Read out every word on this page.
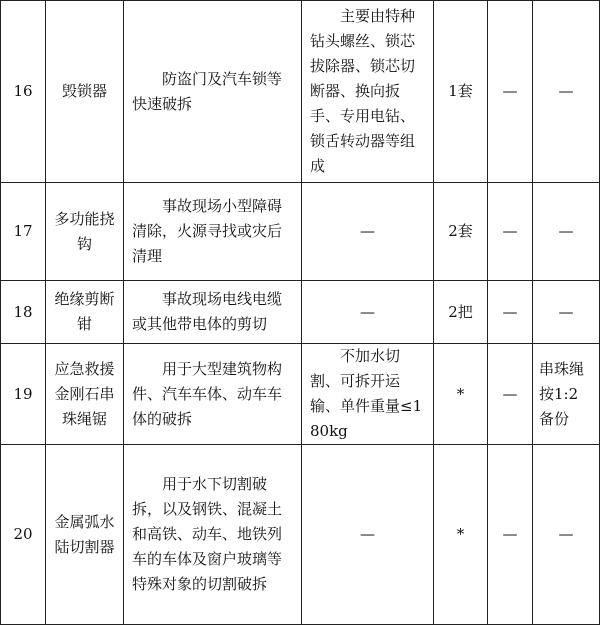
16	毁锁器	防盗门及汽车锁等快速破拆	主要由特种钻头螺丝、锁芯拔除器、锁芯切断器、换向扳手、专用电钻、锁舌转动器等组成	1套	—	—
17	多功能挠钩	事故现场小型障碍清除，火源寻找或灾后清理	—	2套	—	—
18	绝缘剪断钳	事故现场电线电缆或其他带电体的剪切	—	2把	—	—
19	应急救援金刚石串珠绳锯	用于大型建筑物构件、汽车车体、动车车体的破拆	不加水切割、可拆开运输、单件重量≤180kg	*	—	串珠绳按1:2备份
20	金属弧水陆切割器	用于水下切割破拆，以及钢铁、混凝土和高铁、动车、地铁列车的车体及窗户玻璃等特殊对象的切割破拆	—	*	—	—
